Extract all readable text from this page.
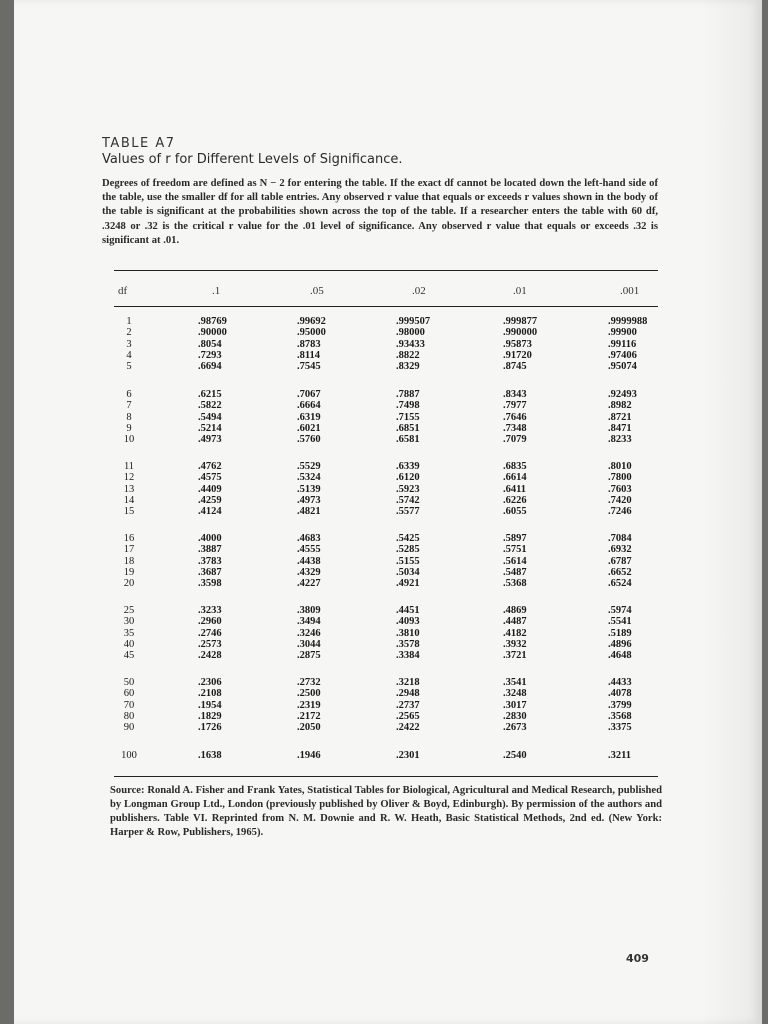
TABLE A7
Values of r for Different Levels of Significance.
Degrees of freedom are defined as N − 2 for entering the table. If the exact df cannot be located down the left-hand side of the table, use the smaller df for all table entries. Any observed r value that equals or exceeds r values shown in the body of the table is significant at the probabilities shown across the top of the table. If a researcher enters the table with 60 df, .3248 or .32 is the critical r value for the .01 level of significance. Any observed r value that equals or exceeds .32 is significant at .01.
df	.1	.05	.02	.01	.001
1	.98769	.99692	.999507	.999877	.9999988
2	.90000	.95000	.98000	.990000	.99900
3	.8054	.8783	.93433	.95873	.99116
4	.7293	.8114	.8822	.91720	.97406
5	.6694	.7545	.8329	.8745	.95074
6	.6215	.7067	.7887	.8343	.92493
7	.5822	.6664	.7498	.7977	.8982
8	.5494	.6319	.7155	.7646	.8721
9	.5214	.6021	.6851	.7348	.8471
10	.4973	.5760	.6581	.7079	.8233
11	.4762	.5529	.6339	.6835	.8010
12	.4575	.5324	.6120	.6614	.7800
13	.4409	.5139	.5923	.6411	.7603
14	.4259	.4973	.5742	.6226	.7420
15	.4124	.4821	.5577	.6055	.7246
16	.4000	.4683	.5425	.5897	.7084
17	.3887	.4555	.5285	.5751	.6932
18	.3783	.4438	.5155	.5614	.6787
19	.3687	.4329	.5034	.5487	.6652
20	.3598	.4227	.4921	.5368	.6524
25	.3233	.3809	.4451	.4869	.5974
30	.2960	.3494	.4093	.4487	.5541
35	.2746	.3246	.3810	.4182	.5189
40	.2573	.3044	.3578	.3932	.4896
45	.2428	.2875	.3384	.3721	.4648
50	.2306	.2732	.3218	.3541	.4433
60	.2108	.2500	.2948	.3248	.4078
70	.1954	.2319	.2737	.3017	.3799
80	.1829	.2172	.2565	.2830	.3568
90	.1726	.2050	.2422	.2673	.3375
100	.1638	.1946	.2301	.2540	.3211
Source: Ronald A. Fisher and Frank Yates, Statistical Tables for Biological, Agricultural and Medical Research, published by Longman Group Ltd., London (previously published by Oliver & Boyd, Edinburgh). By permission of the authors and publishers. Table VI. Reprinted from N. M. Downie and R. W. Heath, Basic Statistical Methods, 2nd ed. (New York: Harper & Row, Publishers, 1965).
409
